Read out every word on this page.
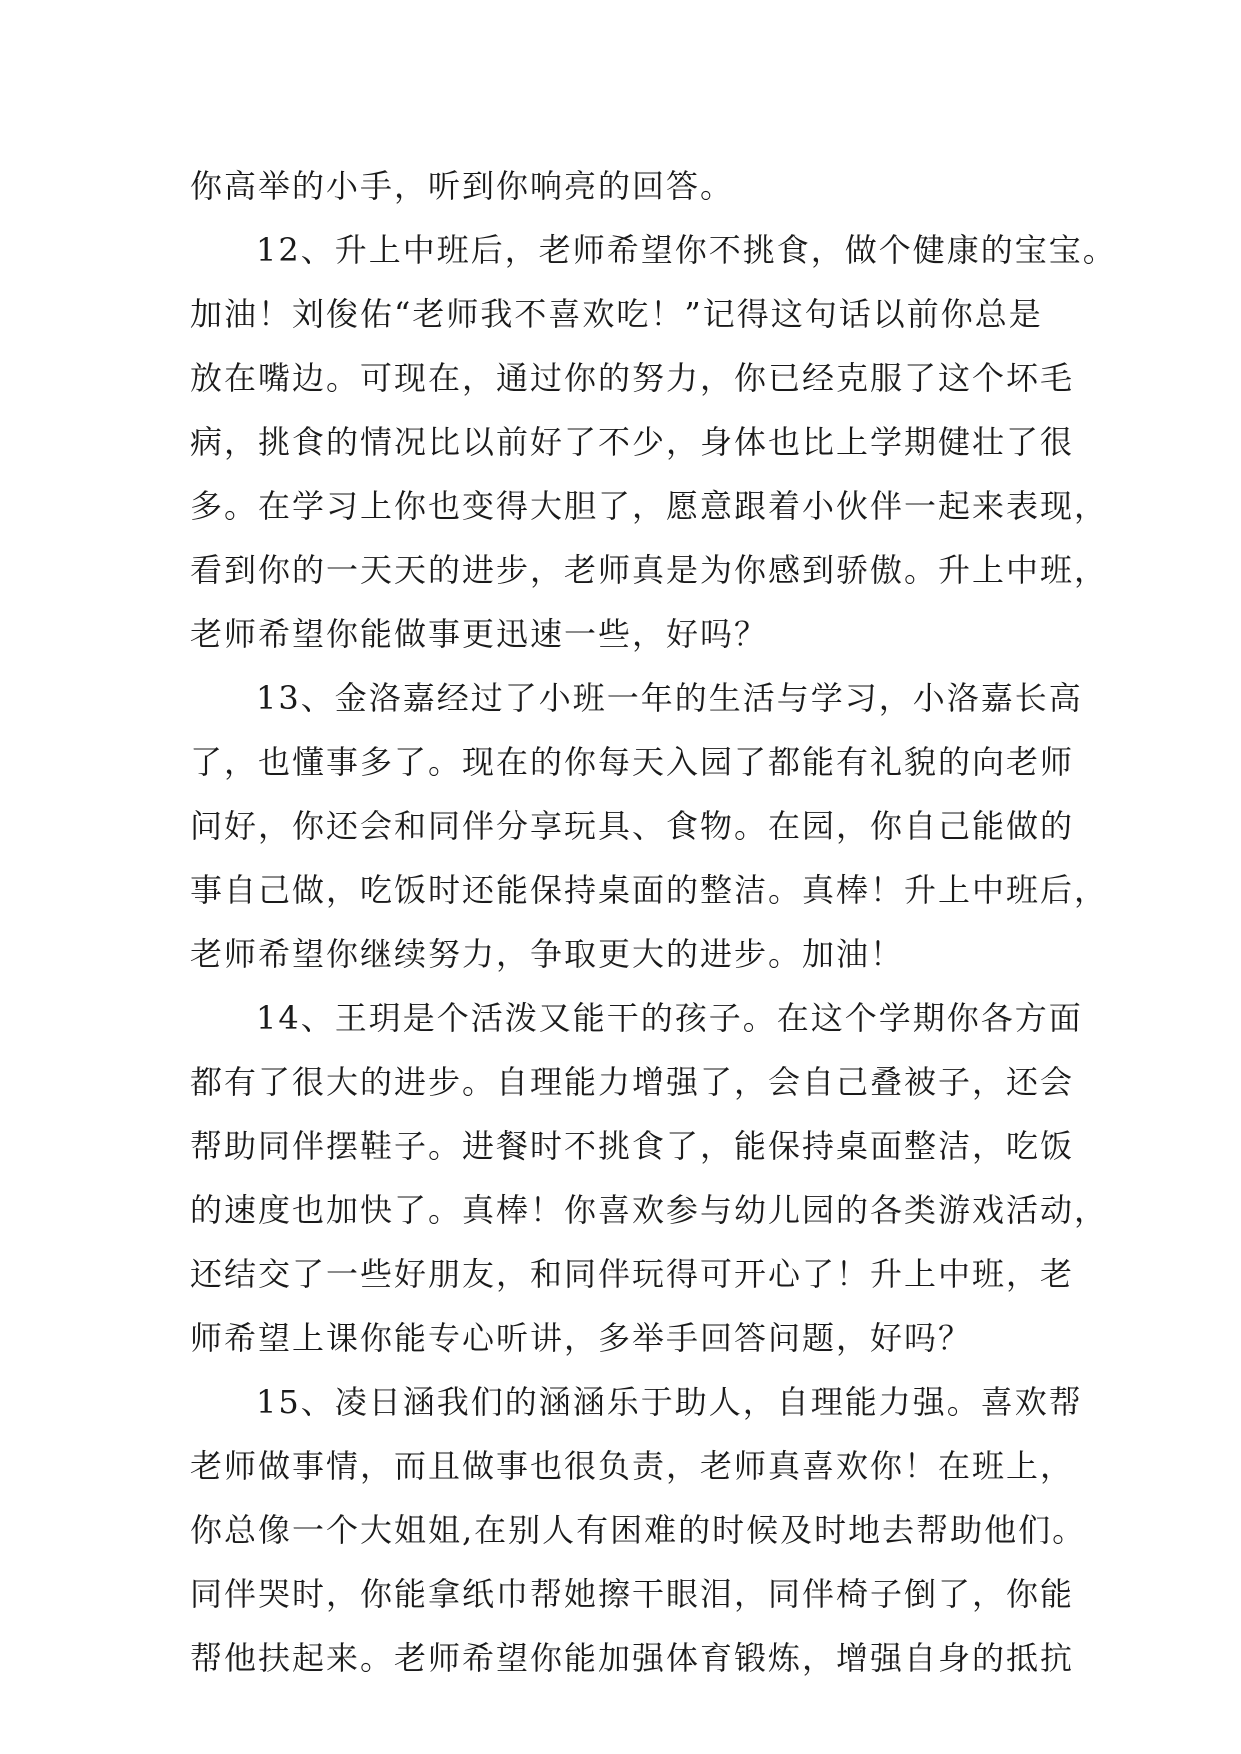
你高举的小手，听到你响亮的回答。
12、升上中班后，老师希望你不挑食，做个健康的宝宝。
加油！刘俊佑“老师我不喜欢吃！”记得这句话以前你总是
放在嘴边。可现在，通过你的努力，你已经克服了这个坏毛
病，挑食的情况比以前好了不少，身体也比上学期健壮了很
多。在学习上你也变得大胆了，愿意跟着小伙伴一起来表现，
看到你的一天天的进步，老师真是为你感到骄傲。升上中班，
老师希望你能做事更迅速一些，好吗？
13、金洛嘉经过了小班一年的生活与学习，小洛嘉长高
了，也懂事多了。现在的你每天入园了都能有礼貌的向老师
问好，你还会和同伴分享玩具、食物。在园，你自己能做的
事自己做，吃饭时还能保持桌面的整洁。真棒！升上中班后，
老师希望你继续努力，争取更大的进步。加油！
14、王玥是个活泼又能干的孩子。在这个学期你各方面
都有了很大的进步。自理能力增强了，会自己叠被子，还会
帮助同伴摆鞋子。进餐时不挑食了，能保持桌面整洁，吃饭
的速度也加快了。真棒！你喜欢参与幼儿园的各类游戏活动，
还结交了一些好朋友，和同伴玩得可开心了！升上中班，老
师希望上课你能专心听讲，多举手回答问题，好吗？
15、凌日涵我们的涵涵乐于助人，自理能力强。喜欢帮
老师做事情，而且做事也很负责，老师真喜欢你！在班上，
你总像一个大姐姐,在别人有困难的时候及时地去帮助他们。
同伴哭时，你能拿纸巾帮她擦干眼泪，同伴椅子倒了，你能
帮他扶起来。老师希望你能加强体育锻炼，增强自身的抵抗
